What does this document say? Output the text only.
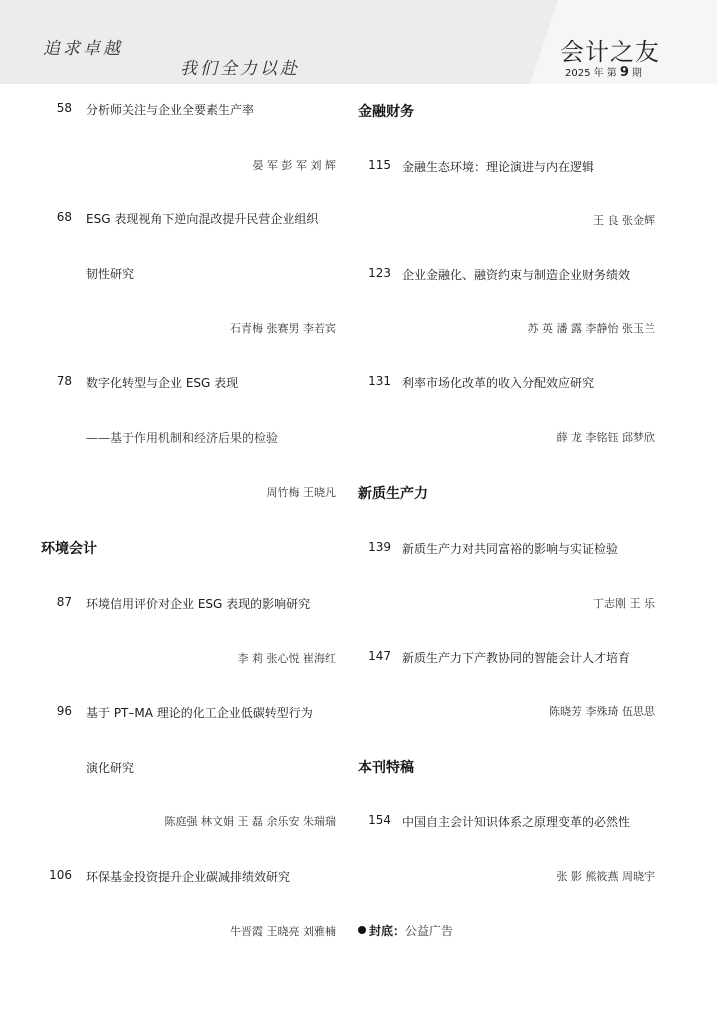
追求卓越
我们全力以赴
会计之友
2025 年 第 9 期
58 分析师关注与企业全要素生产率
晏 军 彭 军 刘 辉
68 ESG 表现视角下逆向混改提升民营企业组织
韧性研究
石青梅 张赛男 李若宾
78 数字化转型与企业 ESG 表现
——基于作用机制和经济后果的检验
周竹梅 王晓凡
环境会计
87 环境信用评价对企业 ESG 表现的影响研究
李 莉 张心悦 崔海红
96 基于 PT–MA 理论的化工企业低碳转型行为
演化研究
陈庭强 林文娟 王 磊 余乐安 朱瑞瑞
106 环保基金投资提升企业碳减排绩效研究
牛晋霞 王晓亮 刘雅楠
金融财务
115 金融生态环境：理论演进与内在逻辑
王 良 张金辉
123 企业金融化、融资约束与制造企业财务绩效
苏 英 潘 露 李静怡 张玉兰
131 利率市场化改革的收入分配效应研究
薛 龙 李铭钰 邱梦欣
新质生产力
139 新质生产力对共同富裕的影响与实证检验
丁志刚 王 乐
147 新质生产力下产教协同的智能会计人才培育
陈晓芳 李殊琦 伍思思
本刊特稿
154 中国自主会计知识体系之原理变革的必然性
张 影 熊筱燕 周晓宇
封底：公益广告
